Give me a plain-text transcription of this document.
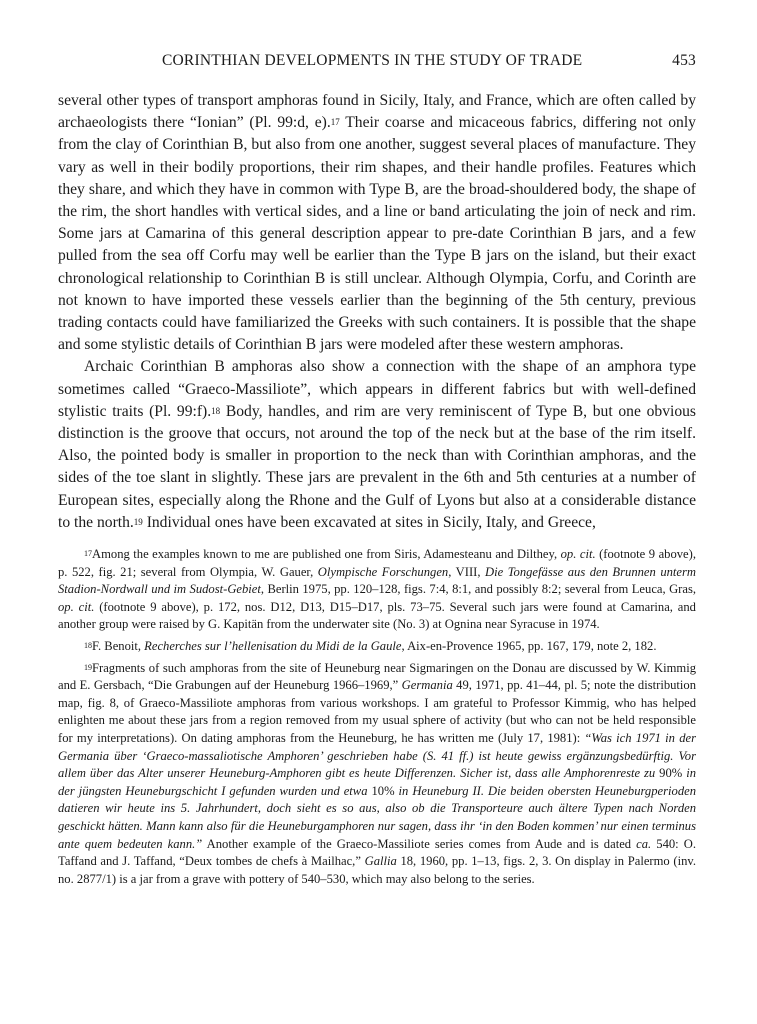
CORINTHIAN DEVELOPMENTS IN THE STUDY OF TRADE	453

several other types of transport amphoras found in Sicily, Italy, and France, which are often called by archaeologists there “Ionian” (Pl. 99:d, e).$^{17}$ Their coarse and micaceous fabrics, differing not only from the clay of Corinthian B, but also from one another, suggest several places of manufacture. They vary as well in their bodily proportions, their rim shapes, and their handle profiles. Features which they share, and which they have in common with Type B, are the broad-shouldered body, the shape of the rim, the short handles with vertical sides, and a line or band articulating the join of neck and rim. Some jars at Camarina of this general description appear to pre-date Corinthian B jars, and a few pulled from the sea off Corfu may well be earlier than the Type B jars on the island, but their exact chronological relationship to Corinthian B is still unclear. Although Olympia, Corfu, and Corinth are not known to have imported these vessels earlier than the beginning of the 5th century, previous trading contacts could have familiarized the Greeks with such containers. It is possible that the shape and some stylistic details of Corinthian B jars were modeled after these western amphoras.

Archaic Corinthian B amphoras also show a connection with the shape of an amphora type sometimes called “Graeco-Massiliote”, which appears in different fabrics but with well-defined stylistic traits (Pl. 99:f).$^{18}$ Body, handles, and rim are very reminiscent of Type B, but one obvious distinction is the groove that occurs, not around the top of the neck but at the base of the rim itself. Also, the pointed body is smaller in proportion to the neck than with Corinthian amphoras, and the sides of the toe slant in slightly. These jars are prevalent in the 6th and 5th centuries at a number of European sites, especially along the Rhone and the Gulf of Lyons but also at a considerable distance to the north.$^{19}$ Individual ones have been excavated at sites in Sicily, Italy, and Greece,

$^{17}$Among the examples known to me are published one from Siris, Adamesteanu and Dilthey, op. cit. (footnote 9 above), p. 522, fig. 21; several from Olympia, W. Gauer, Olympische Forschungen, VIII, Die Tongefässe aus den Brunnen unterm Stadion-Nordwall und im Sudost-Gebiet, Berlin 1975, pp. 120–128, figs. 7:4, 8:1, and possibly 8:2; several from Leuca, Gras, op. cit. (footnote 9 above), p. 172, nos. D12, D13, D15–D17, pls. 73–75. Several such jars were found at Camarina, and another group were raised by G. Kapitän from the underwater site (No. 3) at Ognina near Syracuse in 1974.

$^{18}$F. Benoit, Recherches sur l’hellenisation du Midi de la Gaule, Aix-en-Provence 1965, pp. 167, 179, note 2, 182.

$^{19}$Fragments of such amphoras from the site of Heuneburg near Sigmaringen on the Donau are discussed by W. Kimmig and E. Gersbach, “Die Grabungen auf der Heuneburg 1966–1969,” Germania 49, 1971, pp. 41–44, pl. 5; note the distribution map, fig. 8, of Graeco-Massiliote amphoras from various workshops. I am grateful to Professor Kimmig, who has helped enlighten me about these jars from a region removed from my usual sphere of activity (but who can not be held responsible for my interpretations). On dating amphoras from the Heuneburg, he has written me (July 17, 1981): “Was ich 1971 in der Germania über ‘Graeco-massaliotische Amphoren’ geschrieben habe (S. 41 ff.) ist heute gewiss ergänzungsbedürftig. Vor allem über das Alter unserer Heuneburg-Amphoren gibt es heute Differenzen. Sicher ist, dass alle Amphorenreste zu 90% in der jüngsten Heuneburgschicht I gefunden wurden und etwa 10% in Heuneburg II. Die beiden obersten Heuneburgperioden datieren wir heute ins 5. Jahrhundert, doch sieht es so aus, also ob die Transporteure auch ältere Typen nach Norden geschickt hätten. Mann kann also für die Heuneburgamphoren nur sagen, dass ihr ‘in den Boden kommen’ nur einen terminus ante quem bedeuten kann.” Another example of the Graeco-Massiliote series comes from Aude and is dated ca. 540: O. Taffand and J. Taffand, “Deux tombes de chefs à Mailhac,” Gallia 18, 1960, pp. 1–13, figs. 2, 3. On display in Palermo (inv. no. 2877/1) is a jar from a grave with pottery of 540–530, which may also belong to the series.
